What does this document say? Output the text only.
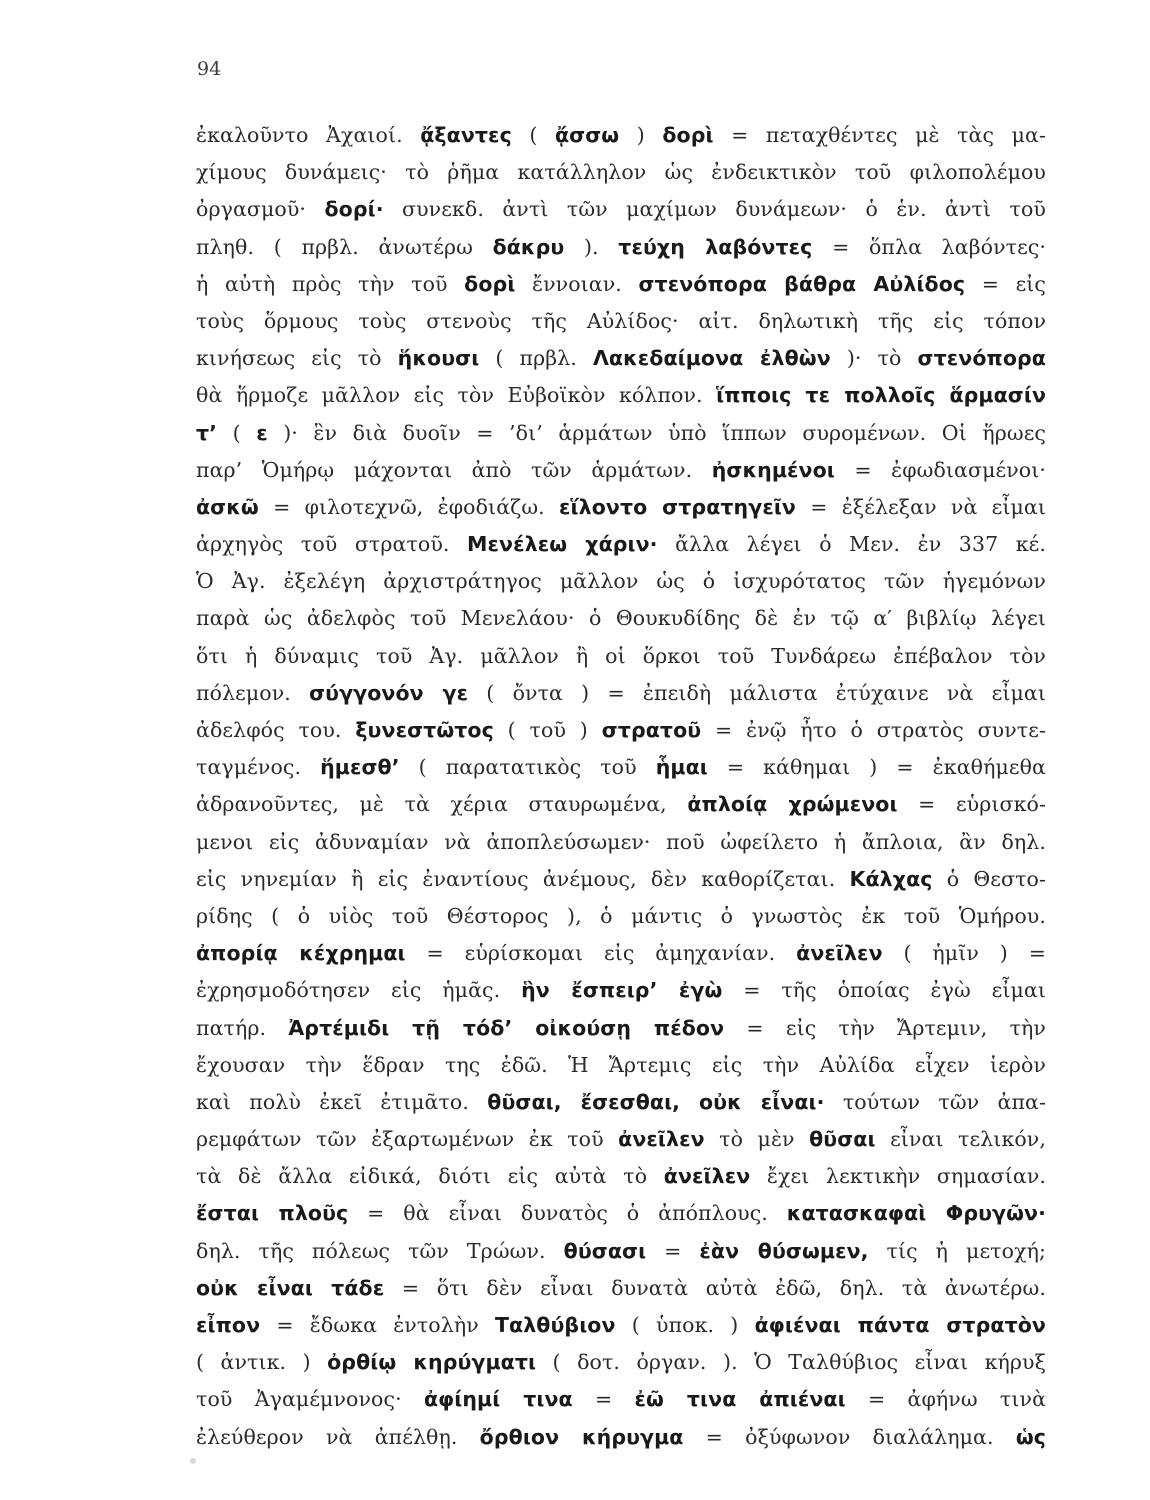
94
ἐκαλοῦντο Ἀχαιοί. ᾄξαντες ( ᾄσσω ) δορὶ = πεταχθέντες μὲ τὰς μα-
χίμους δυνάμεις· τὸ ῥῆμα κατάλληλον ὡς ἐνδεικτικὸν τοῦ φιλοπολέμου
ὀργασμοῦ· δορί· συνεκδ. ἀντὶ τῶν μαχίμων δυνάμεων· ὁ ἑν. ἀντὶ τοῦ
πληθ. ( πρβλ. ἀνωτέρω δάκρυ ). τεύχη λαβόντες = ὅπλα λαβόντες·
ἡ αὐτὴ πρὸς τὴν τοῦ δορὶ ἔννοιαν. στενόπορα βάθρα Αὐλίδος = εἰς
τοὺς ὅρμους τοὺς στενοὺς τῆς Αὐλίδος· αἰτ. δηλωτικὴ τῆς εἰς τόπον
κινήσεως εἰς τὸ ἥκουσι ( πρβλ. Λακεδαίμονα ἐλθὼν )· τὸ στενόπορα
θὰ ἥρμοζε μᾶλλον εἰς τὸν Εὐβοϊκὸν κόλπον. ἵπποις τε πολλοῖς ἅρμασίν
τ’ ( ε )· ἓν διὰ δυοῖν = ’δι’ ἁρμάτων ὑπὸ ἵππων συρομένων. Οἱ ἥρωες
παρ’ Ὁμήρῳ μάχονται ἀπὸ τῶν ἁρμάτων. ἠσκημένοι = ἐφωδιασμένοι·
ἀσκῶ = φιλοτεχνῶ, ἐφοδιάζω. εἵλοντο στρατηγεῖν = ἐξέλεξαν νὰ εἶμαι
ἀρχηγὸς τοῦ στρατοῦ. Μενέλεω χάριν· ἄλλα λέγει ὁ Μεν. ἐν 337 κέ.
Ὁ Ἀγ. ἐξελέγη ἀρχιστράτηγος μᾶλλον ὡς ὁ ἰσχυρότατος τῶν ἡγεμόνων
παρὰ ὡς ἀδελφὸς τοῦ Μενελάου· ὁ Θουκυδίδης δὲ ἐν τῷ α′ βιβλίῳ λέγει
ὅτι ἡ δύναμις τοῦ Ἀγ. μᾶλλον ἢ οἱ ὅρκοι τοῦ Τυνδάρεω ἐπέβαλον τὸν
πόλεμον. σύγγονόν γε ( ὄντα ) = ἐπειδὴ μάλιστα ἐτύχαινε νὰ εἶμαι
ἀδελφός του. ξυνεστῶτος ( τοῦ ) στρατοῦ = ἐνῷ ἦτο ὁ στρατὸς συντε-
ταγμένος. ἥμεσθ’ ( παρατατικὸς τοῦ ἧμαι = κάθημαι ) = ἐκαθήμεθα
ἀδρανοῦντες, μὲ τὰ χέρια σταυρωμένα, ἀπλοίᾳ χρώμενοι = εὑρισκό-
μενοι εἰς ἀδυναμίαν νὰ ἀποπλεύσωμεν· ποῦ ὠφείλετο ἡ ἄπλοια, ἂν δηλ.
εἰς νηνεμίαν ἢ εἰς ἐναντίους ἀνέμους, δὲν καθορίζεται. Κάλχας ὁ Θεστο-
ρίδης ( ὁ υἱὸς τοῦ Θέστορος ), ὁ μάντις ὁ γνωστὸς ἐκ τοῦ Ὁμήρου.
ἀπορίᾳ κέχρημαι = εὑρίσκομαι εἰς ἀμηχανίαν. ἀνεῖλεν ( ἡμῖν ) =
ἐχρησμοδότησεν εἰς ἡμᾶς. ἣν ἔσπειρ’ ἐγὼ = τῆς ὁποίας ἐγὼ εἶμαι
πατήρ. Ἀρτέμιδι τῇ τόδ’ οἰκούσῃ πέδον = εἰς τὴν Ἄρτεμιν, τὴν
ἔχουσαν τὴν ἕδραν της ἐδῶ. Ἡ Ἄρτεμις εἰς τὴν Αὐλίδα εἶχεν ἱερὸν
καὶ πολὺ ἐκεῖ ἐτιμᾶτο. θῦσαι, ἔσεσθαι, οὐκ εἶναι· τούτων τῶν ἀπα-
ρεμφάτων τῶν ἐξαρτωμένων ἐκ τοῦ ἀνεῖλεν τὸ μὲν θῦσαι εἶναι τελικόν,
τὰ δὲ ἄλλα εἰδικά, διότι εἰς αὐτὰ τὸ ἀνεῖλεν ἔχει λεκτικὴν σημασίαν.
ἔσται πλοῦς = θὰ εἶναι δυνατὸς ὁ ἀπόπλους. κατασκαφαὶ Φρυγῶν·
δηλ. τῆς πόλεως τῶν Τρώων. θύσασι = ἐὰν θύσωμεν, τίς ἡ μετοχή;
οὐκ εἶναι τάδε = ὅτι δὲν εἶναι δυνατὰ αὐτὰ ἐδῶ, δηλ. τὰ ἀνωτέρω.
εἶπον = ἔδωκα ἐντολὴν Ταλθύβιον ( ὑποκ. ) ἀφιέναι πάντα στρατὸν
( ἀντικ. ) ὀρθίῳ κηρύγματι ( δοτ. ὀργαν. ). Ὁ Ταλθύβιος εἶναι κήρυξ
τοῦ Ἀγαμέμνονος· ἀφίημί τινα = ἐῶ τινα ἀπιέναι = ἀφήνω τινὰ
ἐλεύθερον νὰ ἀπέλθῃ. ὄρθιον κήρυγμα = ὀξύφωνον διαλάλημα. ὡς
